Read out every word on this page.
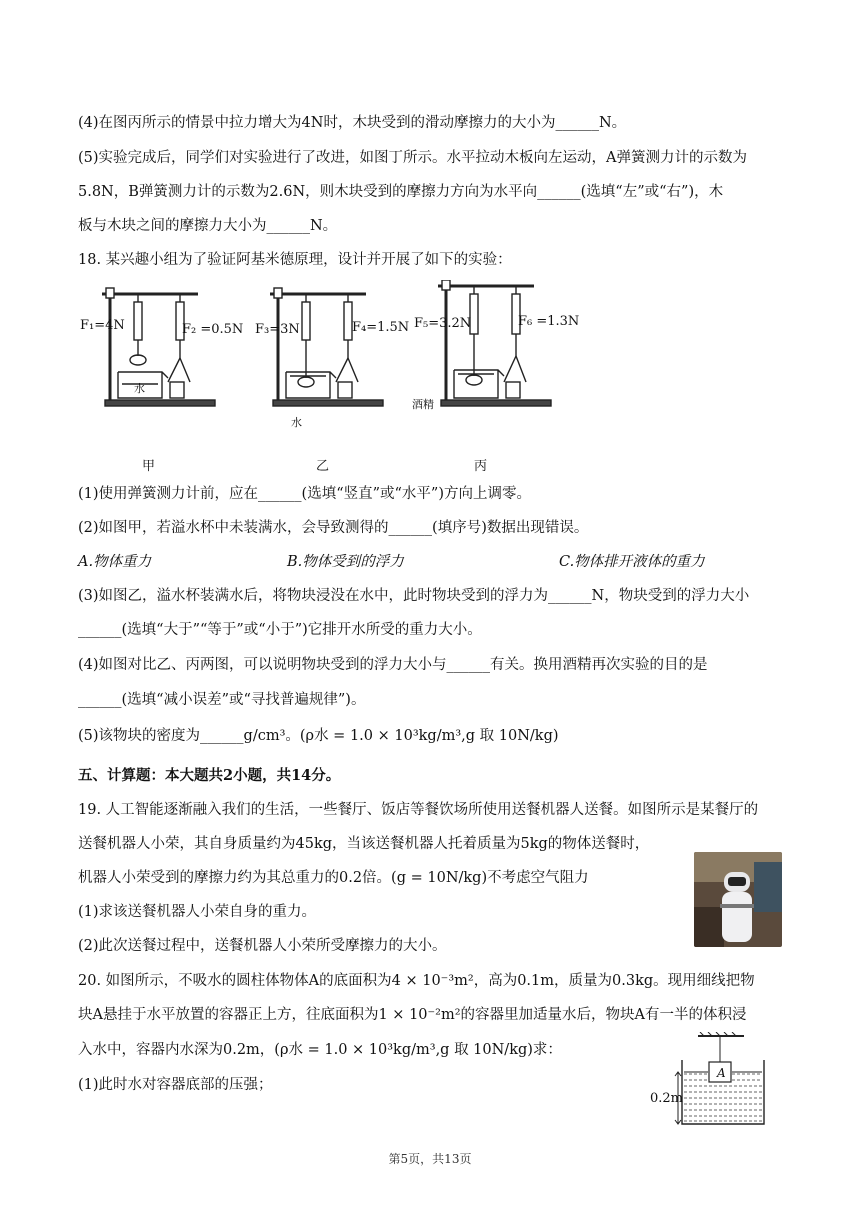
(4)在图丙所示的情景中拉力增大为4N时，木块受到的滑动摩擦力的大小为______N。
(5)实验完成后，同学们对实验进行了改进，如图丁所示。水平拉动木板向左运动，A弹簧测力计的示数为
5.8N，B弹簧测力计的示数为2.6N，则木块受到的摩擦力方向为水平向______(选填“左”或“右”)，木
板与木块之间的摩擦力大小为______N。
18. 某兴趣小组为了验证阿基米德原理，设计并开展了如下的实验：
F₁=4N	F₂ =0.5N
水
甲
F₃=3N	F₄=1.5N
水
乙
F₅=3.2N	F₆ =1.3N
酒精
丙
(1)使用弹簧测力计前，应在______(选填“竖直”或“水平”)方向上调零。
(2)如图甲，若溢水杯中未装满水，会导致测得的______(填序号)数据出现错误。
A.物体重力	B.物体受到的浮力	C.物体排开液体的重力
(3)如图乙，溢水杯装满水后，将物块浸没在水中，此时物块受到的浮力为______N，物块受到的浮力大小
______(选填“大于”“等于”或“小于”)它排开水所受的重力大小。
(4)如图对比乙、丙两图，可以说明物块受到的浮力大小与______有关。换用酒精再次实验的目的是
______(选填“减小误差”或“寻找普遍规律”)。
(5)该物块的密度为______g/cm³。(ρ水 = 1.0 × 10³kg/m³,g 取 10N/kg)
五、计算题：本大题共2小题，共14分。
19. 人工智能逐渐融入我们的生活，一些餐厅、饭店等餐饮场所使用送餐机器人送餐。如图所示是某餐厅的
送餐机器人小荣，其自身质量约为45kg，当该送餐机器人托着质量为5kg的物体送餐时，
机器人小荣受到的摩擦力约为其总重力的0.2倍。(g = 10N/kg)不考虑空气阻力
(1)求该送餐机器人小荣自身的重力。
(2)此次送餐过程中，送餐机器人小荣所受摩擦力的大小。
20. 如图所示，不吸水的圆柱体物体A的底面积为4 × 10⁻³m²，高为0.1m，质量为0.3kg。现用细线把物
块A悬挂于水平放置的容器正上方，往底面积为1 × 10⁻²m²的容器里加适量水后，物块A有一半的体积浸
入水中，容器内水深为0.2m，(ρ水 = 1.0 × 10³kg/m³,g 取 10N/kg)求：
(1)此时水对容器底部的压强；
A
0.2m
第5页，共13页
